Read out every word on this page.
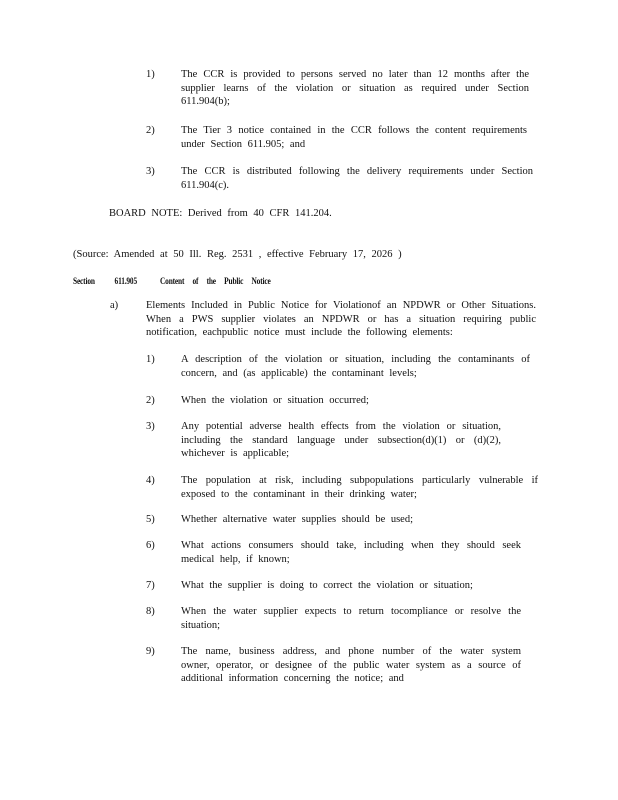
1)	The CCR is provided to persons served no later than 12 months after the supplier learns of the violation or situation as required under Section 611.904(b);
2)	The Tier 3 notice contained in the CCR follows the content requirements under Section 611.905; and
3)	The CCR is distributed following the delivery requirements under Section 611.904(c).
BOARD NOTE: Derived from 40 CFR 141.204.
(Source: Amended at 50 Ill. Reg. 2531 , effective February 17, 2026 )
Section 611.905	Content of the Public Notice
a)	Elements Included in Public Notice for Violationof an NPDWR or Other Situations. When a PWS supplier violates an NPDWR or has a situation requiring public notification, eachpublic notice must include the following elements:
1)	A description of the violation or situation, including the contaminants of concern, and (as applicable) the contaminant levels;
2)	When the violation or situation occurred;
3)	Any potential adverse health effects from the violation or situation, including the standard language under subsection(d)(1) or (d)(2), whichever is applicable;
4)	The population at risk, including subpopulations particularly vulnerable if exposed to the contaminant in their drinking water;
5)	Whether alternative water supplies should be used;
6)	What actions consumers should take, including when they should seek medical help, if known;
7)	What the supplier is doing to correct the violation or situation;
8)	When the water supplier expects to return tocompliance or resolve the situation;
9)	The name, business address, and phone number of the water system owner, operator, or designee of the public water system as a source of additional information concerning the notice; and
